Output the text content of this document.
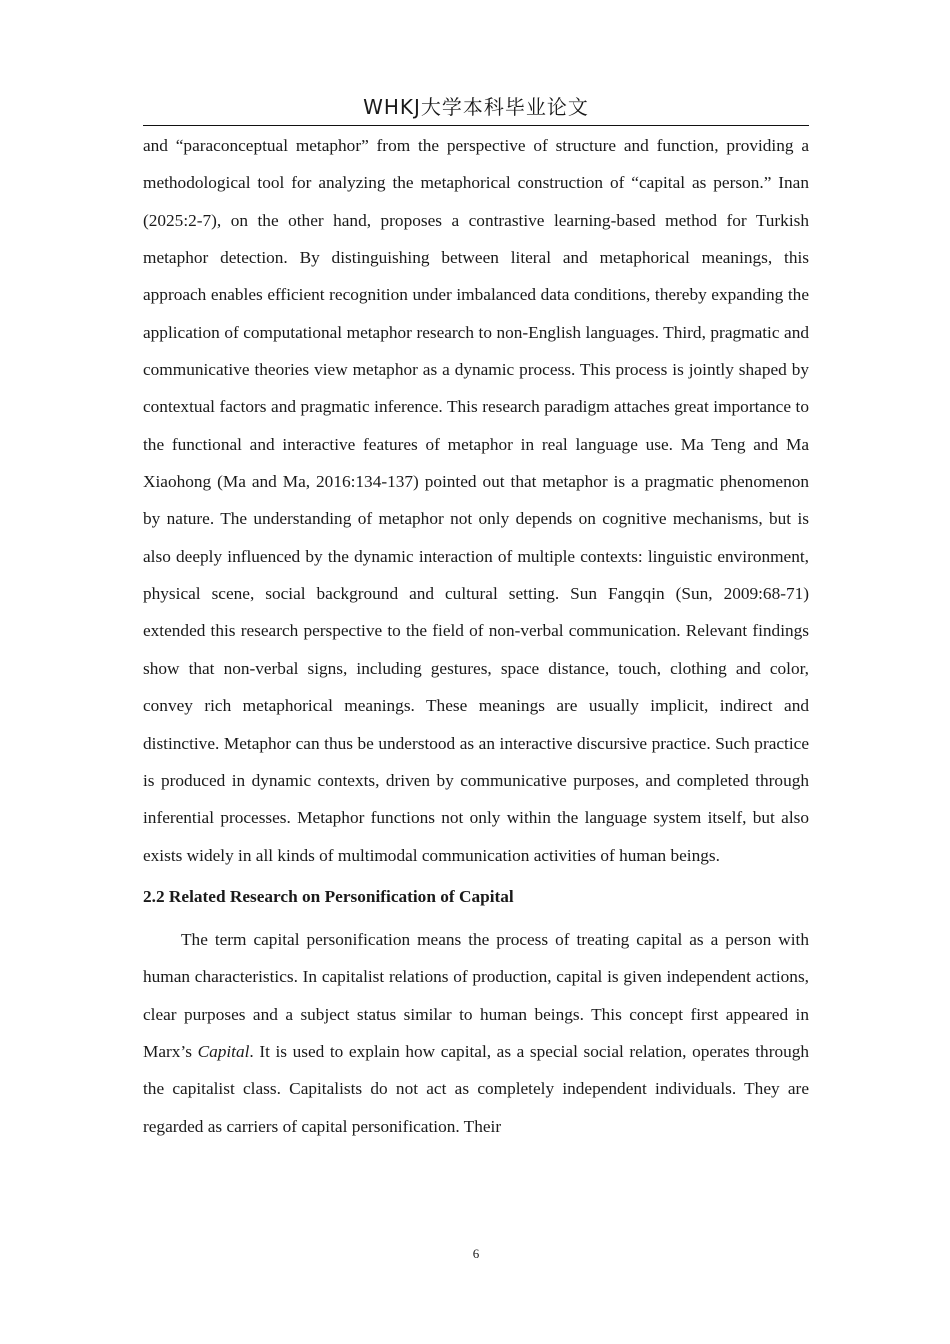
WHKJ大学本科毕业论文

and “paraconceptual metaphor” from the perspective of structure and function, providing a methodological tool for analyzing the metaphorical construction of “capital as person.” Inan (2025:2-7), on the other hand, proposes a contrastive learning-based method for Turkish metaphor detection. By distinguishing between literal and metaphorical meanings, this approach enables efficient recognition under imbalanced data conditions, thereby expanding the application of computational metaphor research to non-English languages. Third, pragmatic and communicative theories view metaphor as a dynamic process. This process is jointly shaped by contextual factors and pragmatic inference. This research paradigm attaches great importance to the functional and interactive features of metaphor in real language use. Ma Teng and Ma Xiaohong (Ma and Ma, 2016:134-137) pointed out that metaphor is a pragmatic phenomenon by nature. The understanding of metaphor not only depends on cognitive mechanisms, but is also deeply influenced by the dynamic interaction of multiple contexts: linguistic environment, physical scene, social background and cultural setting. Sun Fangqin (Sun, 2009:68-71) extended this research perspective to the field of non-verbal communication. Relevant findings show that non-verbal signs, including gestures, space distance, touch, clothing and color, convey rich metaphorical meanings. These meanings are usually implicit, indirect and distinctive. Metaphor can thus be understood as an interactive discursive practice. Such practice is produced in dynamic contexts, driven by communicative purposes, and completed through inferential processes. Metaphor functions not only within the language system itself, but also exists widely in all kinds of multimodal communication activities of human beings.

2.2 Related Research on Personification of Capital

The term capital personification means the process of treating capital as a person with human characteristics. In capitalist relations of production, capital is given independent actions, clear purposes and a subject status similar to human beings. This concept first appeared in Marx’s Capital. It is used to explain how capital, as a special social relation, operates through the capitalist class. Capitalists do not act as completely independent individuals. They are regarded as carriers of capital personification. Their

6
